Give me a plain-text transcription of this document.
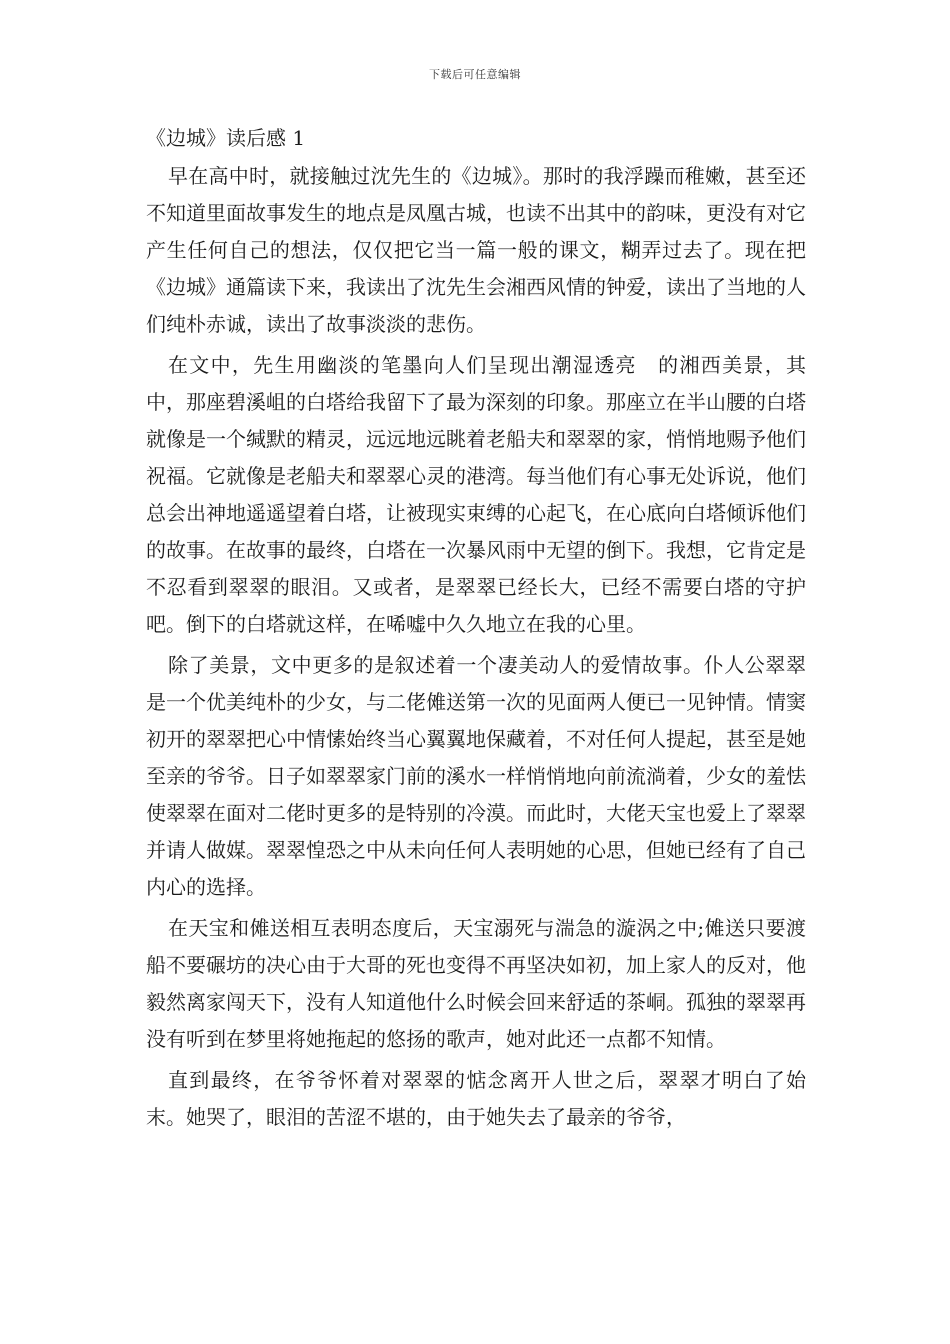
下载后可任意编辑
《边城》读后感 1

早在高中时，就接触过沈先生的《边城》。那时的我浮躁而稚嫩，甚至还不知道里面故事发生的地点是凤凰古城，也读不出其中的韵味，更没有对它产生任何自己的想法，仅仅把它当一篇一般的课文，糊弄过去了。现在把《边城》通篇读下来，我读出了沈先生会湘西风情的钟爱，读出了当地的人们纯朴赤诚，读出了故事淡淡的悲伤。

在文中，先生用幽淡的笔墨向人们呈现出潮湿透亮　的湘西美景，其中，那座碧溪岨的白塔给我留下了最为深刻的印象。那座立在半山腰的白塔就像是一个缄默的精灵，远远地远眺着老船夫和翠翠的家，悄悄地赐予他们祝福。它就像是老船夫和翠翠心灵的港湾。每当他们有心事无处诉说，他们总会出神地遥遥望着白塔，让被现实束缚的心起飞，在心底向白塔倾诉他们的故事。在故事的最终，白塔在一次暴风雨中无望的倒下。我想，它肯定是不忍看到翠翠的眼泪。又或者，是翠翠已经长大，已经不需要白塔的守护吧。倒下的白塔就这样，在唏嘘中久久地立在我的心里。

除了美景，文中更多的是叙述着一个凄美动人的爱情故事。仆人公翠翠是一个优美纯朴的少女，与二佬傩送第一次的见面两人便已一见钟情。情窦初开的翠翠把心中情愫始终当心翼翼地保藏着，不对任何人提起，甚至是她至亲的爷爷。日子如翠翠家门前的溪水一样悄悄地向前流淌着，少女的羞怯使翠翠在面对二佬时更多的是特别的冷漠。而此时，大佬天宝也爱上了翠翠并请人做媒。翠翠惶恐之中从未向任何人表明她的心思，但她已经有了自己内心的选择。

在天宝和傩送相互表明态度后，天宝溺死与湍急的漩涡之中;傩送只要渡船不要碾坊的决心由于大哥的死也变得不再坚决如初，加上家人的反对，他毅然离家闯天下，没有人知道他什么时候会回来舒适的茶峒。孤独的翠翠再没有听到在梦里将她拖起的悠扬的歌声，她对此还一点都不知情。

直到最终，在爷爷怀着对翠翠的惦念离开人世之后，翠翠才明白了始末。她哭了，眼泪的苦涩不堪的，由于她失去了最亲的爷爷，
